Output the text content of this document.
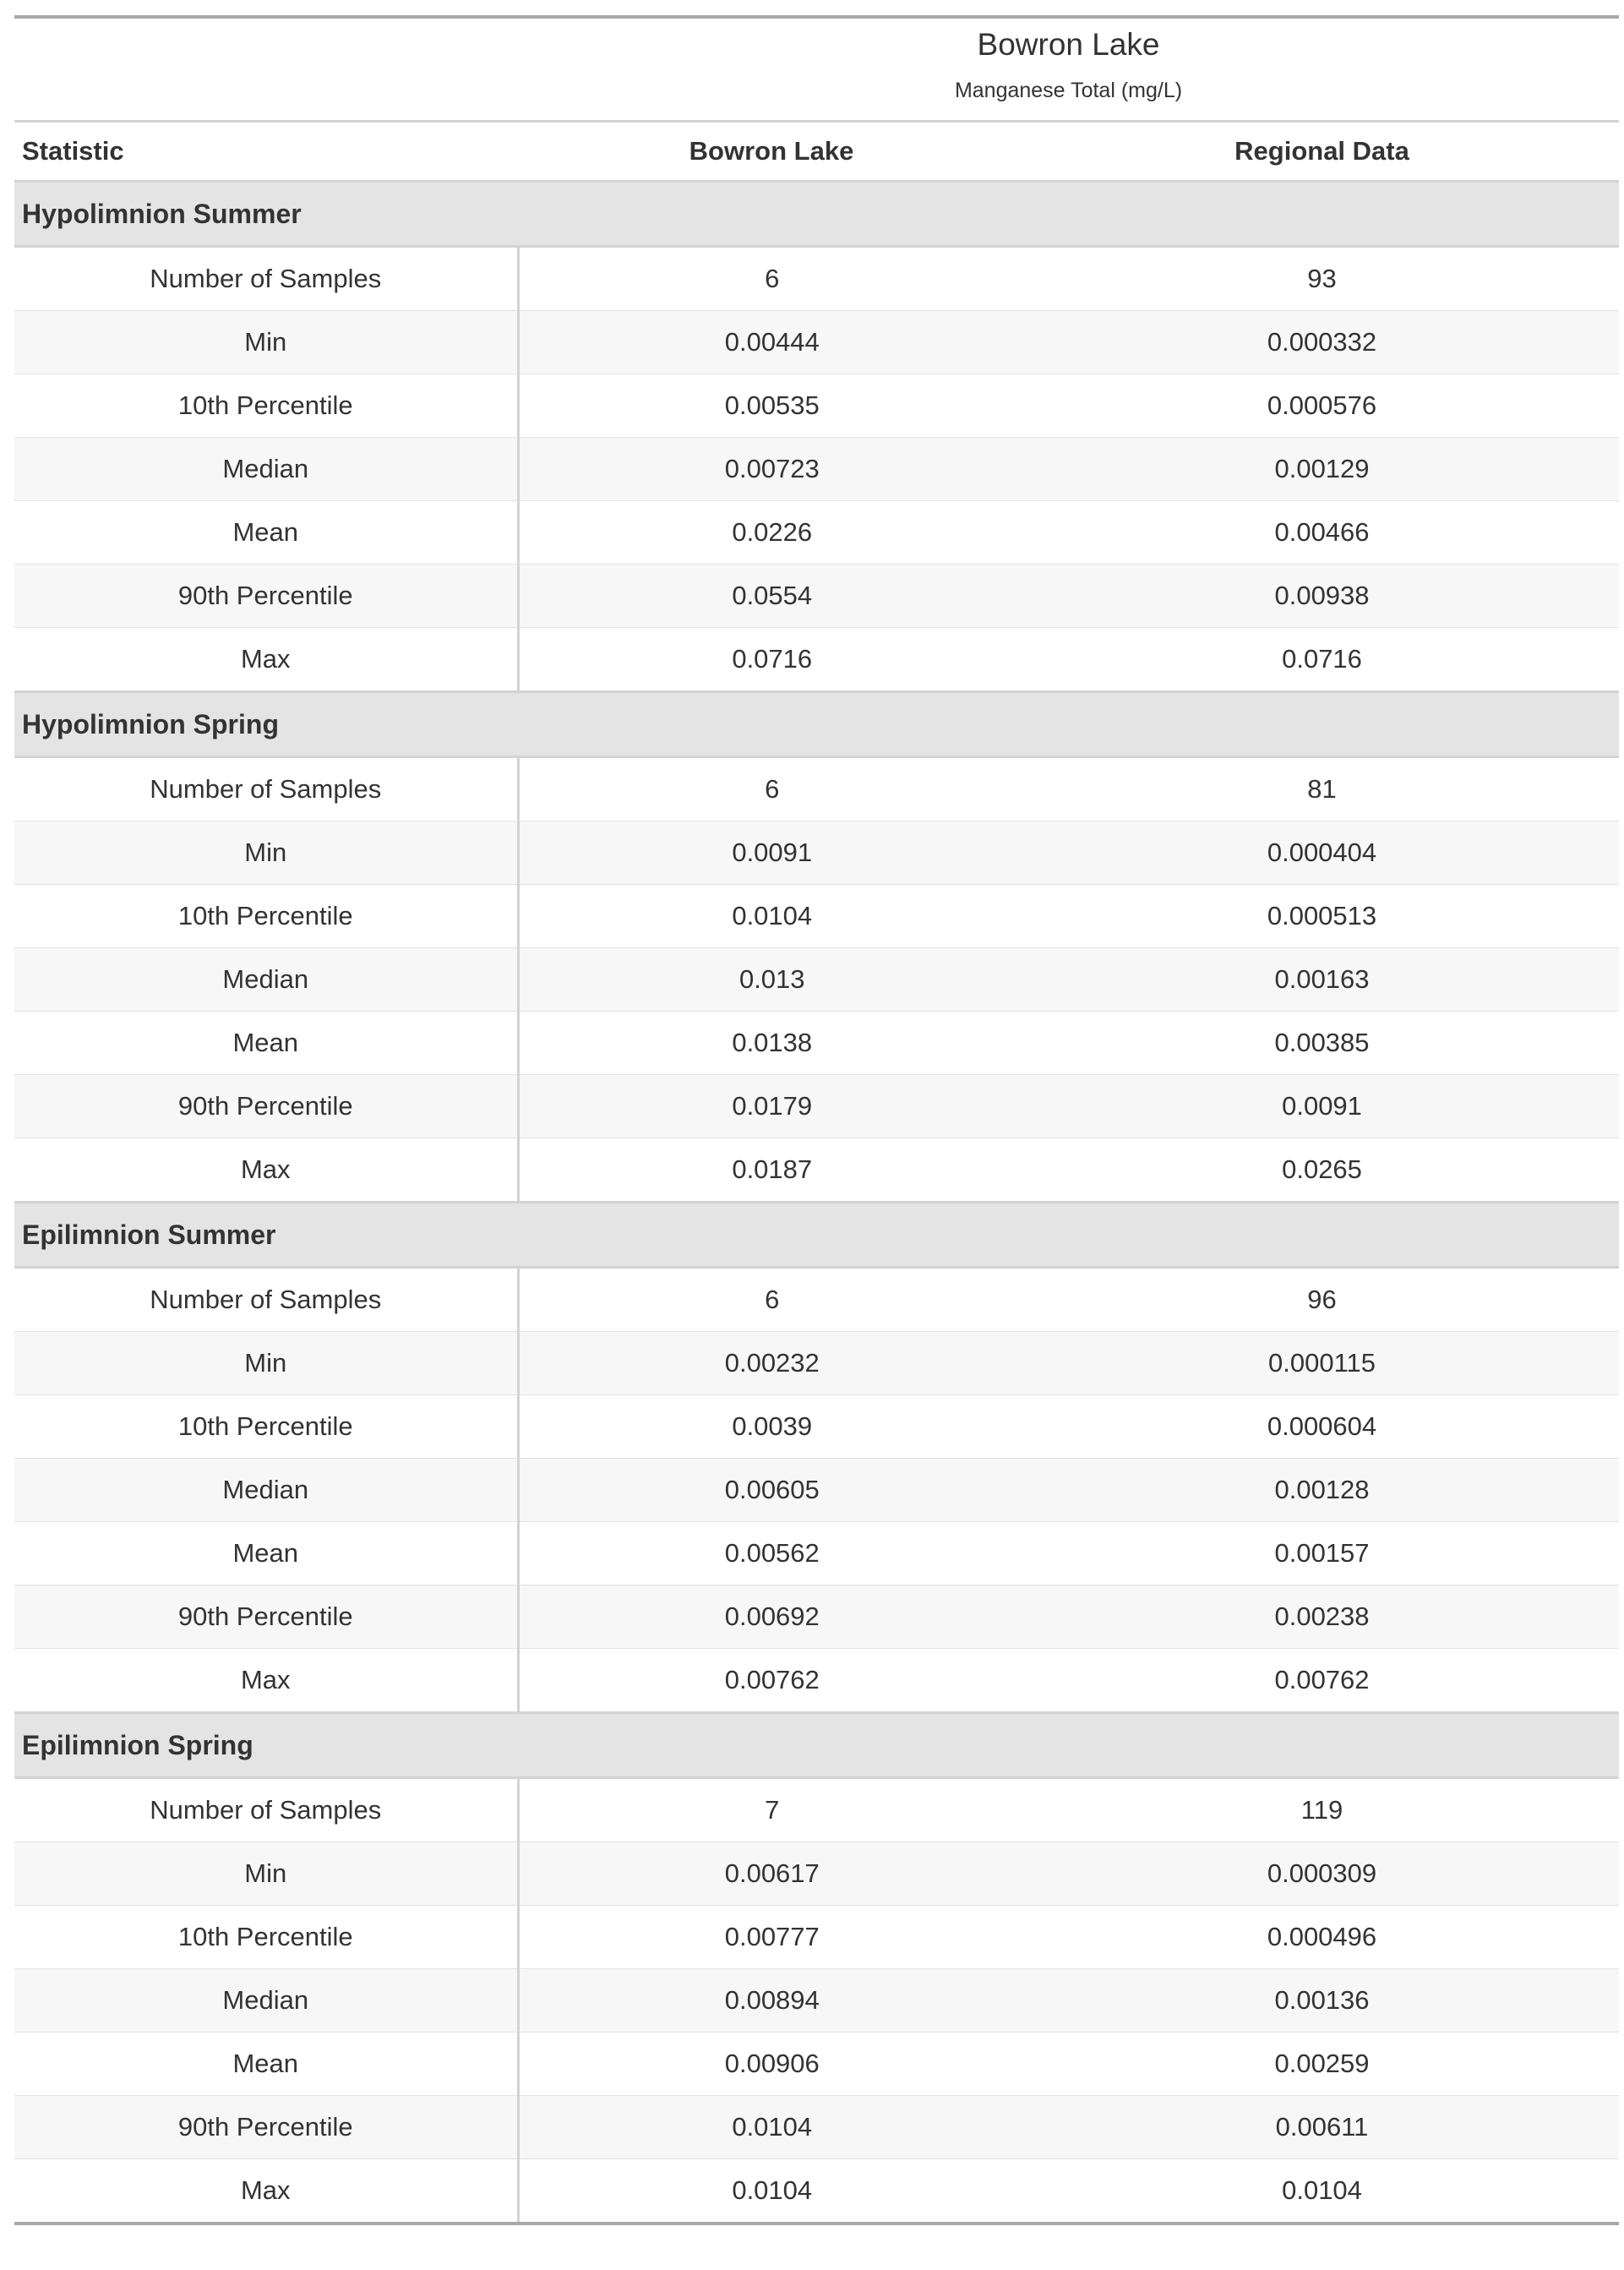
Bowron Lake
Manganese Total (mg/L)		

Statistic	Bowron Lake	Regional Data
Hypolimnion Summer		
Number of Samples	6	93
Min	0.00444	0.000332
10th Percentile	0.00535	0.000576
Median	0.00723	0.00129
Mean	0.0226	0.00466
90th Percentile	0.0554	0.00938
Max	0.0716	0.0716
Hypolimnion Spring		
Number of Samples	6	81
Min	0.0091	0.000404
10th Percentile	0.0104	0.000513
Median	0.013	0.00163
Mean	0.0138	0.00385
90th Percentile	0.0179	0.0091
Max	0.0187	0.0265
Epilimnion Summer		
Number of Samples	6	96
Min	0.00232	0.000115
10th Percentile	0.0039	0.000604
Median	0.00605	0.00128
Mean	0.00562	0.00157
90th Percentile	0.00692	0.00238
Max	0.00762	0.00762
Epilimnion Spring		
Number of Samples	7	119
Min	0.00617	0.000309
10th Percentile	0.00777	0.000496
Median	0.00894	0.00136
Mean	0.00906	0.00259
90th Percentile	0.0104	0.00611
Max	0.0104	0.0104
